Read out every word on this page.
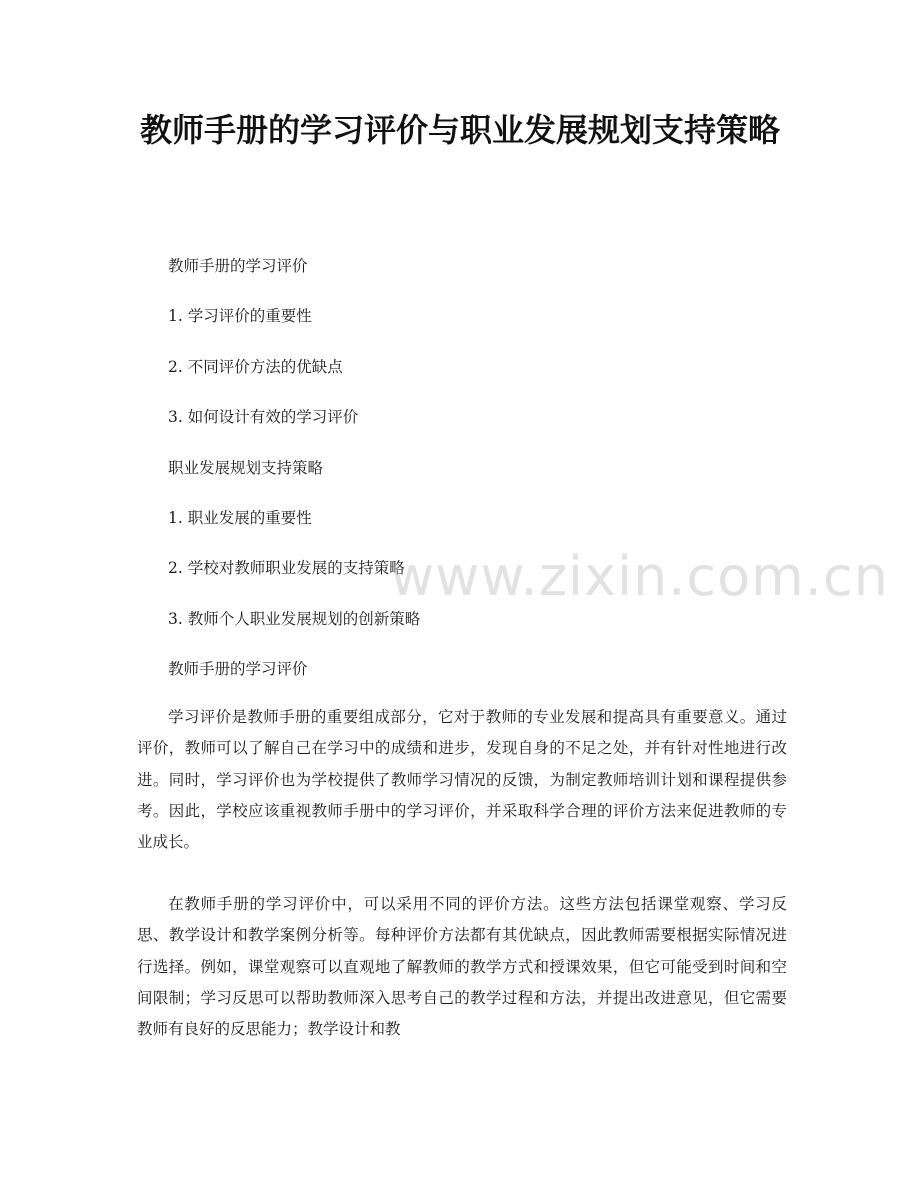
教师手册的学习评价与职业发展规划支持策略
教师手册的学习评价
1. 学习评价的重要性
2. 不同评价方法的优缺点
3. 如何设计有效的学习评价
职业发展规划支持策略
1. 职业发展的重要性
2. 学校对教师职业发展的支持策略
3. 教师个人职业发展规划的创新策略
教师手册的学习评价

学习评价是教师手册的重要组成部分，它对于教师的专业发展和提高具有重要意义。通过评价，教师可以了解自己在学习中的成绩和进步，发现自身的不足之处，并有针对性地进行改进。同时，学习评价也为学校提供了教师学习情况的反馈，为制定教师培训计划和课程提供参考。因此，学校应该重视教师手册中的学习评价，并采取科学合理的评价方法来促进教师的专业成长。

在教师手册的学习评价中，可以采用不同的评价方法。这些方法包括课堂观察、学习反思、教学设计和教学案例分析等。每种评价方法都有其优缺点，因此教师需要根据实际情况进行选择。例如，课堂观察可以直观地了解教师的教学方式和授课效果，但它可能受到时间和空间限制；学习反思可以帮助教师深入思考自己的教学过程和方法，并提出改进意见，但它需要教师有良好的反思能力；教学设计和教

www.zixin.com.cn
